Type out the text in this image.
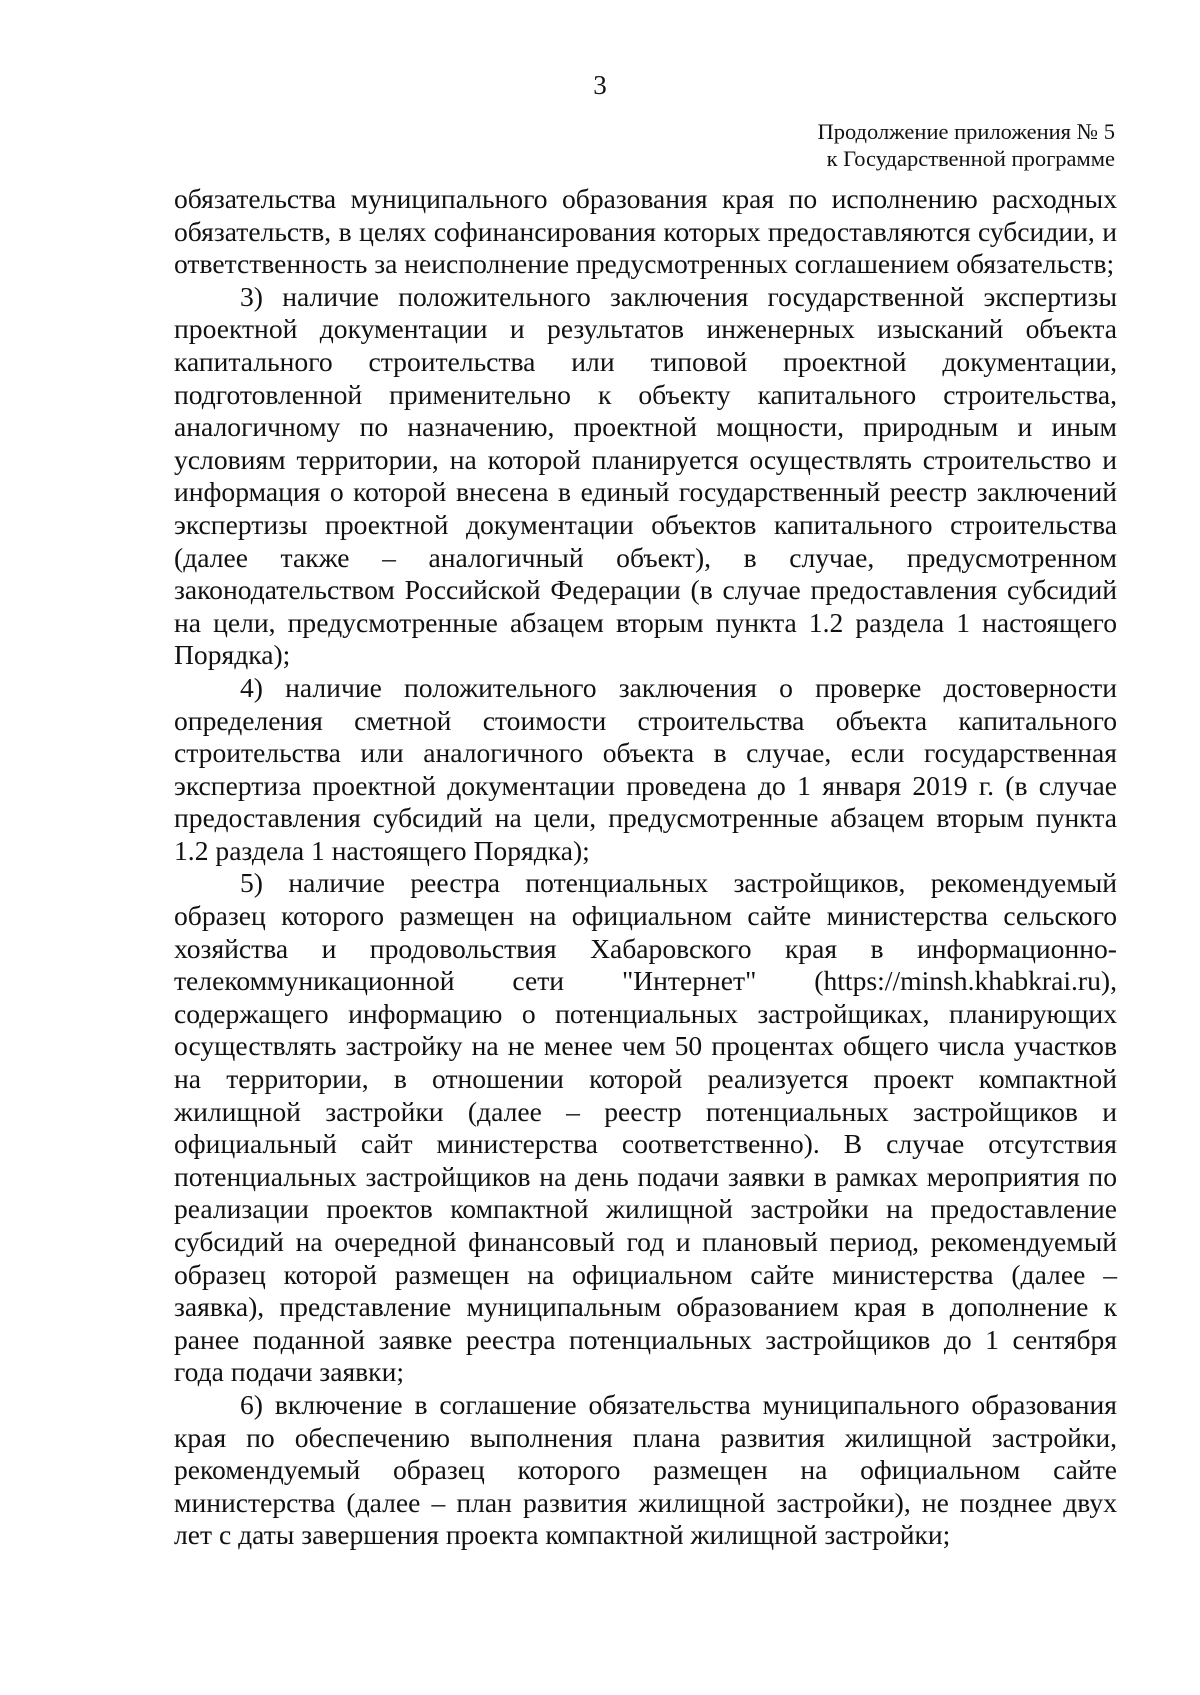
3
Продолжение приложения № 5
к Государственной программе

обязательства муниципального образования края по исполнению расходных обязательств, в целях софинансирования которых предоставляются субсидии, и ответственность за неисполнение предусмотренных соглашением обязательств;

3) наличие положительного заключения государственной экспертизы проектной документации и результатов инженерных изысканий объекта капитального строительства или типовой проектной документации, подготовленной применительно к объекту капитального строительства, аналогичному по назначению, проектной мощности, природным и иным условиям территории, на которой планируется осуществлять строительство и информация о которой внесена в единый государственный реестр заключений экспертизы проектной документации объектов капитального строительства (далее также – аналогичный объект), в случае, предусмотренном законодательством Российской Федерации (в случае предоставления субсидий на цели, предусмотренные абзацем вторым пункта 1.2 раздела 1 настоящего Порядка);

4) наличие положительного заключения о проверке достоверности определения сметной стоимости строительства объекта капитального строительства или аналогичного объекта в случае, если государственная экспертиза проектной документации проведена до 1 января 2019 г. (в случае предоставления субсидий на цели, предусмотренные абзацем вторым пункта 1.2 раздела 1 настоящего Порядка);

5) наличие реестра потенциальных застройщиков, рекомендуемый образец которого размещен на официальном сайте министерства сельского хозяйства и продовольствия Хабаровского края в информационно-телекоммуникационной сети "Интернет" (https://minsh.khabkrai.ru), содержащего информацию о потенциальных застройщиках, планирующих осуществлять застройку на не менее чем 50 процентах общего числа участков на территории, в отношении которой реализуется проект компактной жилищной застройки (далее – реестр потенциальных застройщиков и официальный сайт министерства соответственно). В случае отсутствия потенциальных застройщиков на день подачи заявки в рамках мероприятия по реализации проектов компактной жилищной застройки на предоставление субсидий на очередной финансовый год и плановый период, рекомендуемый образец которой размещен на официальном сайте министерства (далее – заявка), представление муниципальным образованием края в дополнение к ранее поданной заявке реестра потенциальных застройщиков до 1 сентября года подачи заявки;

6) включение в соглашение обязательства муниципального образования края по обеспечению выполнения плана развития жилищной застройки, рекомендуемый образец которого размещен на официальном сайте министерства (далее – план развития жилищной застройки), не позднее двух лет с даты завершения проекта компактной жилищной застройки;
